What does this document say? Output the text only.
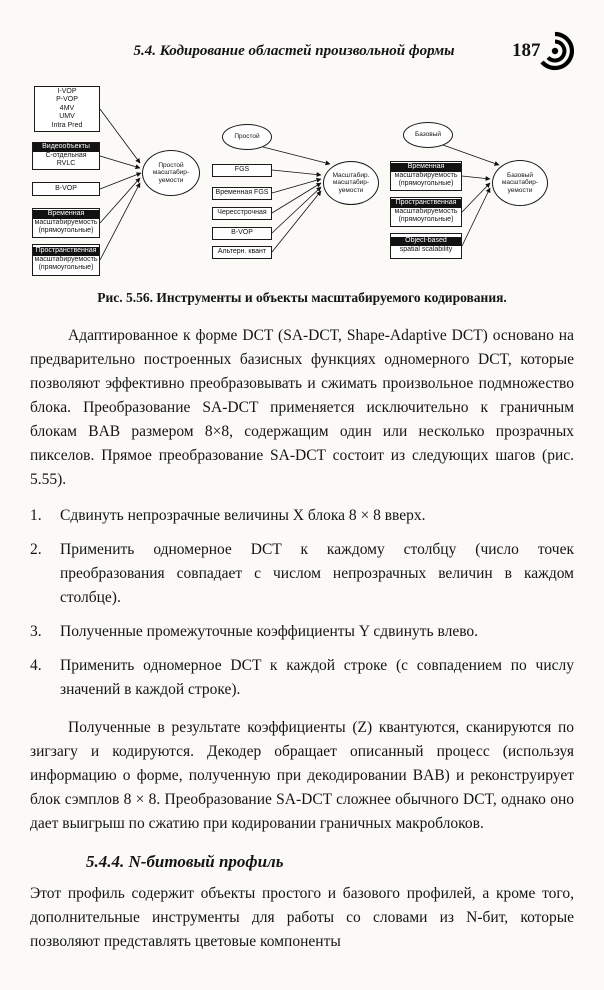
5.4. Кодирование областей произвольной формы	187
I-VOP
P-VOP
4MV
UMV
Intra Pred
Видеообъекты
С-отдельная
RVLC
B-VOP
Временная
масштабируемость
(прямоугольные)
Пространственная
масштабируемость
(прямоугольные)
Простой
масштабир-
уемости
Простой
FGS
Временная FGS
Чересстрочная
B-VOP
Альтерн. квант
Масштабир.
масштабир-
уемости
Базовый
Временная
масштабируемость
(прямоугольные)
Пространственная
масштабируемость
(прямоугольные)
Object-based
spatial scalability
Базовый
масштабир-
уемости
Рис. 5.56. Инструменты и объекты масштабируемого кодирования.

Адаптированное к форме DCT (SA-DCT, Shape-Adaptive DCT) основано на предварительно построенных базисных функциях одномерного DCT, которые позволяют эффективно преобразовывать и сжимать произвольное подмножество блока. Преобразование SA-DCT применяется исключительно к граничным блокам BAB размером 8×8, содержащим один или несколько прозрачных пикселов. Прямое преобразование SA-DCT состоит из следующих шагов (рис. 5.55).

1.	Сдвинуть непрозрачные величины X блока 8 × 8 вверх.
2.	Применить одномерное DCT к каждому столбцу (число точек преобразования совпадает с числом непрозрачных величин в каждом столбце).
3.	Полученные промежуточные коэффициенты Y сдвинуть влево.
4.	Применить одномерное DCT к каждой строке (с совпадением по числу значений в каждой строке).

Полученные в результате коэффициенты (Z) квантуются, сканируются по зигзагу и кодируются. Декодер обращает описанный процесс (используя информацию о форме, полученную при декодировании BAB) и реконструирует блок сэмплов 8 × 8. Преобразование SA-DCT сложнее обычного DCT, однако оно дает выигрыш по сжатию при кодировании граничных макроблоков.

5.4.4. N-битовый профиль

Этот профиль содержит объекты простого и базового профилей, а кроме того, дополнительные инструменты для работы со словами из N-бит, которые позволяют представлять цветовые компоненты
